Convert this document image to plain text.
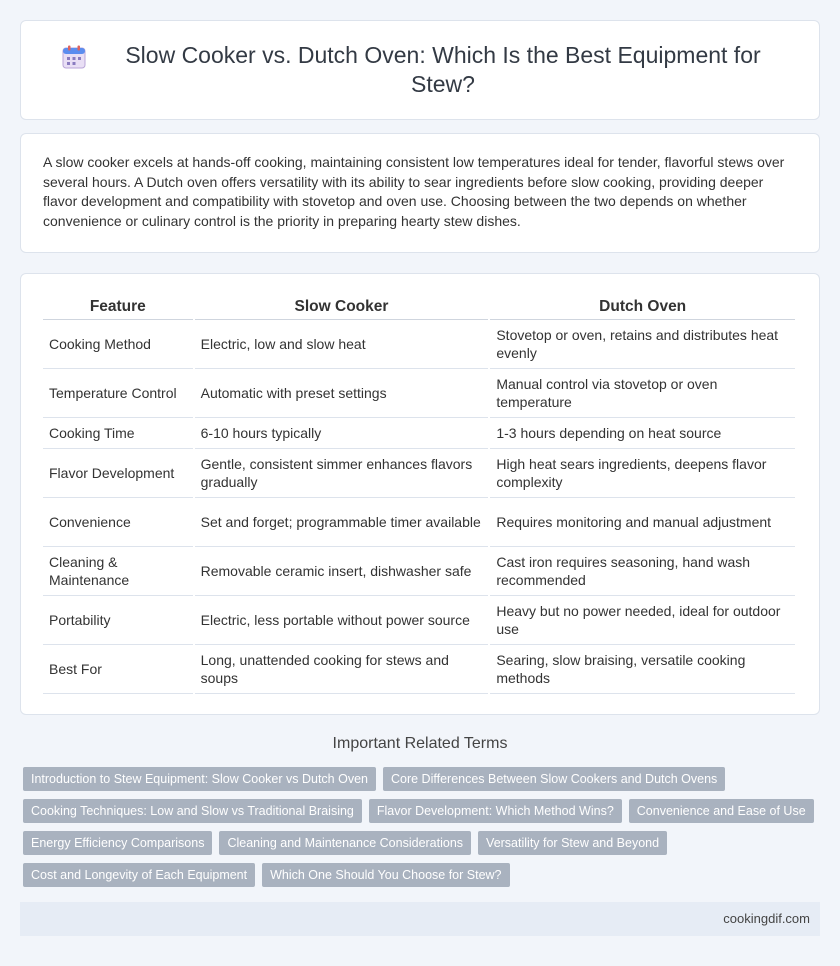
Slow Cooker vs. Dutch Oven: Which Is the Best Equipment for Stew?

A slow cooker excels at hands-off cooking, maintaining consistent low temperatures ideal for tender, flavorful stews over several hours. A Dutch oven offers versatility with its ability to sear ingredients before slow cooking, providing deeper flavor development and compatibility with stovetop and oven use. Choosing between the two depends on whether convenience or culinary control is the priority in preparing hearty stew dishes.

Feature	Slow Cooker	Dutch Oven
Cooking Method	Electric, low and slow heat	Stovetop or oven, retains and distributes heat evenly
Temperature Control	Automatic with preset settings	Manual control via stovetop or oven temperature
Cooking Time	6-10 hours typically	1-3 hours depending on heat source
Flavor Development	Gentle, consistent simmer enhances flavors gradually	High heat sears ingredients, deepens flavor complexity
Convenience	Set and forget; programmable timer available	Requires monitoring and manual adjustment
Cleaning & Maintenance	Removable ceramic insert, dishwasher safe	Cast iron requires seasoning, hand wash recommended
Portability	Electric, less portable without power source	Heavy but no power needed, ideal for outdoor use
Best For	Long, unattended cooking for stews and soups	Searing, slow braising, versatile cooking methods
Important Related Terms
Introduction to Stew Equipment: Slow Cooker vs Dutch Oven	Core Differences Between Slow Cookers and Dutch Ovens
Cooking Techniques: Low and Slow vs Traditional Braising	Flavor Development: Which Method Wins?	Convenience and Ease of Use
Energy Efficiency Comparisons	Cleaning and Maintenance Considerations	Versatility for Stew and Beyond
Cost and Longevity of Each Equipment	Which One Should You Choose for Stew?
cookingdif.com
